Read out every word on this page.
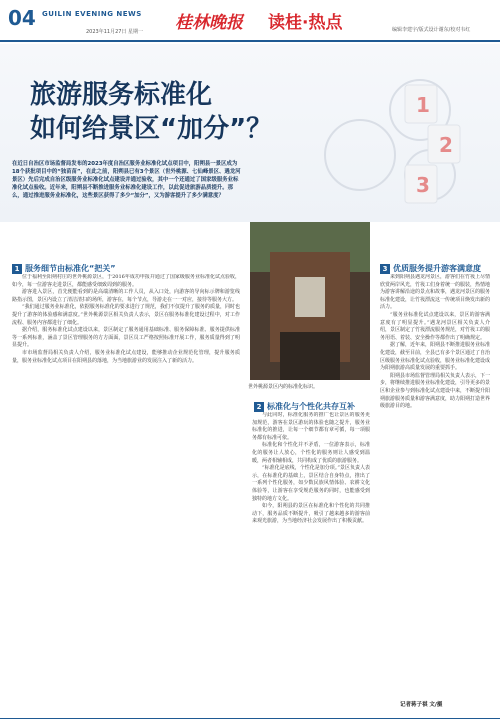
04 GUILIN EVENING NEWS
2023年11月27日 星期一 桂林晚报 读桂·热点	编辑李建宇/版式设计谢东/校对韦红
旅游服务标准化
如何给景区“加分”？
1
2
3
在近日自治区市场监督局发布的2023年度自治区服务业标准化试点项目中，阳朔县一景区成为18个获批项目中的“独苗苗”，在此之前，阳朔县已有3个景区（世外桃源、七仙峰景区、遇龙河景区）先后完成自治区级服务业标准化试点建设并通过验收，其中一个还通过了国家级服务业标准化试点验收。近年来，阳朔县不断推进服务业标准化建设工作，以此促进旅游品质提升。那么，通过推进服务业标准化，这些景区获得了多少“加分”，又为游客提升了多少满意度？
1 服务细节由标准化“把关”

位于福利至阳朔村庄的世外桃源景区，于2016年成功申报并通过了国家级服务业标准化试点验收，如今，每一位游客走进景区，都能感受细致周到的服务。

游客进入景区，首先便能看到的是高端清晰的工作人员，从入口处，向游客的导向标示牌和游览线路指示图，景区内设立了清洁清扫的场所，游客在，每个节点，导游走在一一对应，接待等服务大方。

“我们通过服务业标准化，依据服务标准化的要求进行了规范，我们不仅提升了服务的质量，同时也提升了游客的体验感和满意度。”世外桃源景区相关负责人表示，景区在服务标准化建设过程中，对工作流程、服务内容都进行了细化。

据介绍，服务标准化试点建设以来，景区制定了服务通用基础标准、服务保障标准、服务提供标准等一系列标准，涵盖了景区管理服务的方方面面，景区员工严格按照标准开展工作，服务质量得到了明显提升。

市市场监督局相关负责人介绍，服务业标准化试点建设，能够推动企业规范化管理，提升服务质量，服务业标准化试点项目在阳朔县的落地，为当地旅游业的发展注入了新的活力。

世外桃源景区内的标准化标识。
2 标准化与个性化共存互补

与此同时，标准化服务的推广也让景区的服务更加规范，游客在景区游玩的体验也随之提升，服务业标准化的推进，让每一个细节都有章可循，每一项服务都有标准可依。

标准化和个性化并不矛盾，一位游客表示，标准化的服务让人放心，个性化的服务则让人感受到温暖，两者相辅相成，共同构成了优质的旅游服务。

“标准化是底线，个性化是加分项。”景区负责人表示，在标准化的基础上，景区结合自身特点，推出了一系列个性化服务，如少数民族风情体验、农耕文化体验等，让游客在享受规范服务的同时，也能感受到独特的地方文化。

如今，阳朔县的景区在标准化和个性化的共同推动下，服务品质不断提升，吸引了越来越多的游客前来观光旅游，为当地经济社会发展作出了积极贡献。

3 优质服务提升游客满意度

来到阳朔县遇龙河景区，游客们在竹筏上尽情欣赏两岸风光，竹筏工们身着统一的服装，热情地为游客讲解沿途的景点和故事，遇龙河景区的服务标准化建设，让竹筏漂流这一传统项目焕发出新的活力。

“服务业标准化试点建设以来，景区的游客满意度有了明显提升。”遇龙河景区相关负责人介绍，景区制定了竹筏漂流服务规范，对竹筏工的服务用语、着装、安全操作等都作出了明确规定。

据了解，近年来，阳朔县不断推进服务业标准化建设，截至目前，全县已有多个景区通过了自治区级服务业标准化试点验收，服务业标准化建设成为阳朔旅游高质量发展的重要抓手。

阳朔县市场监督管理局相关负责人表示，下一步，将继续推进服务业标准化建设，引导更多的景区和企业参与到标准化试点建设中来，不断提升阳朔旅游服务质量和游客满意度，助力阳朔打造世界级旅游目的地。

记者蒋子祺 文/摄
